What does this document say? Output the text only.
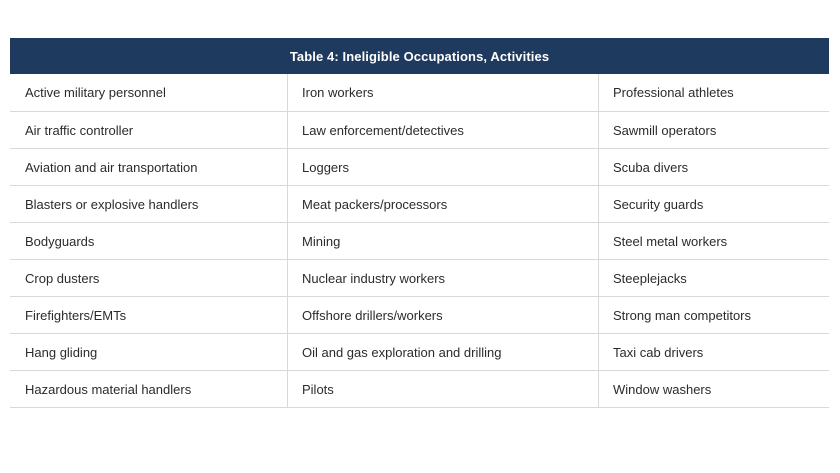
Table 4: Ineligible Occupations, Activities
Active military personnel	Iron workers	Professional athletes
Air traffic controller	Law enforcement/detectives	Sawmill operators
Aviation and air transportation	Loggers	Scuba divers
Blasters or explosive handlers	Meat packers/processors	Security guards
Bodyguards	Mining	Steel metal workers
Crop dusters	Nuclear industry workers	Steeplejacks
Firefighters/EMTs	Offshore drillers/workers	Strong man competitors
Hang gliding	Oil and gas exploration and drilling	Taxi cab drivers
Hazardous material handlers	Pilots	Window washers
